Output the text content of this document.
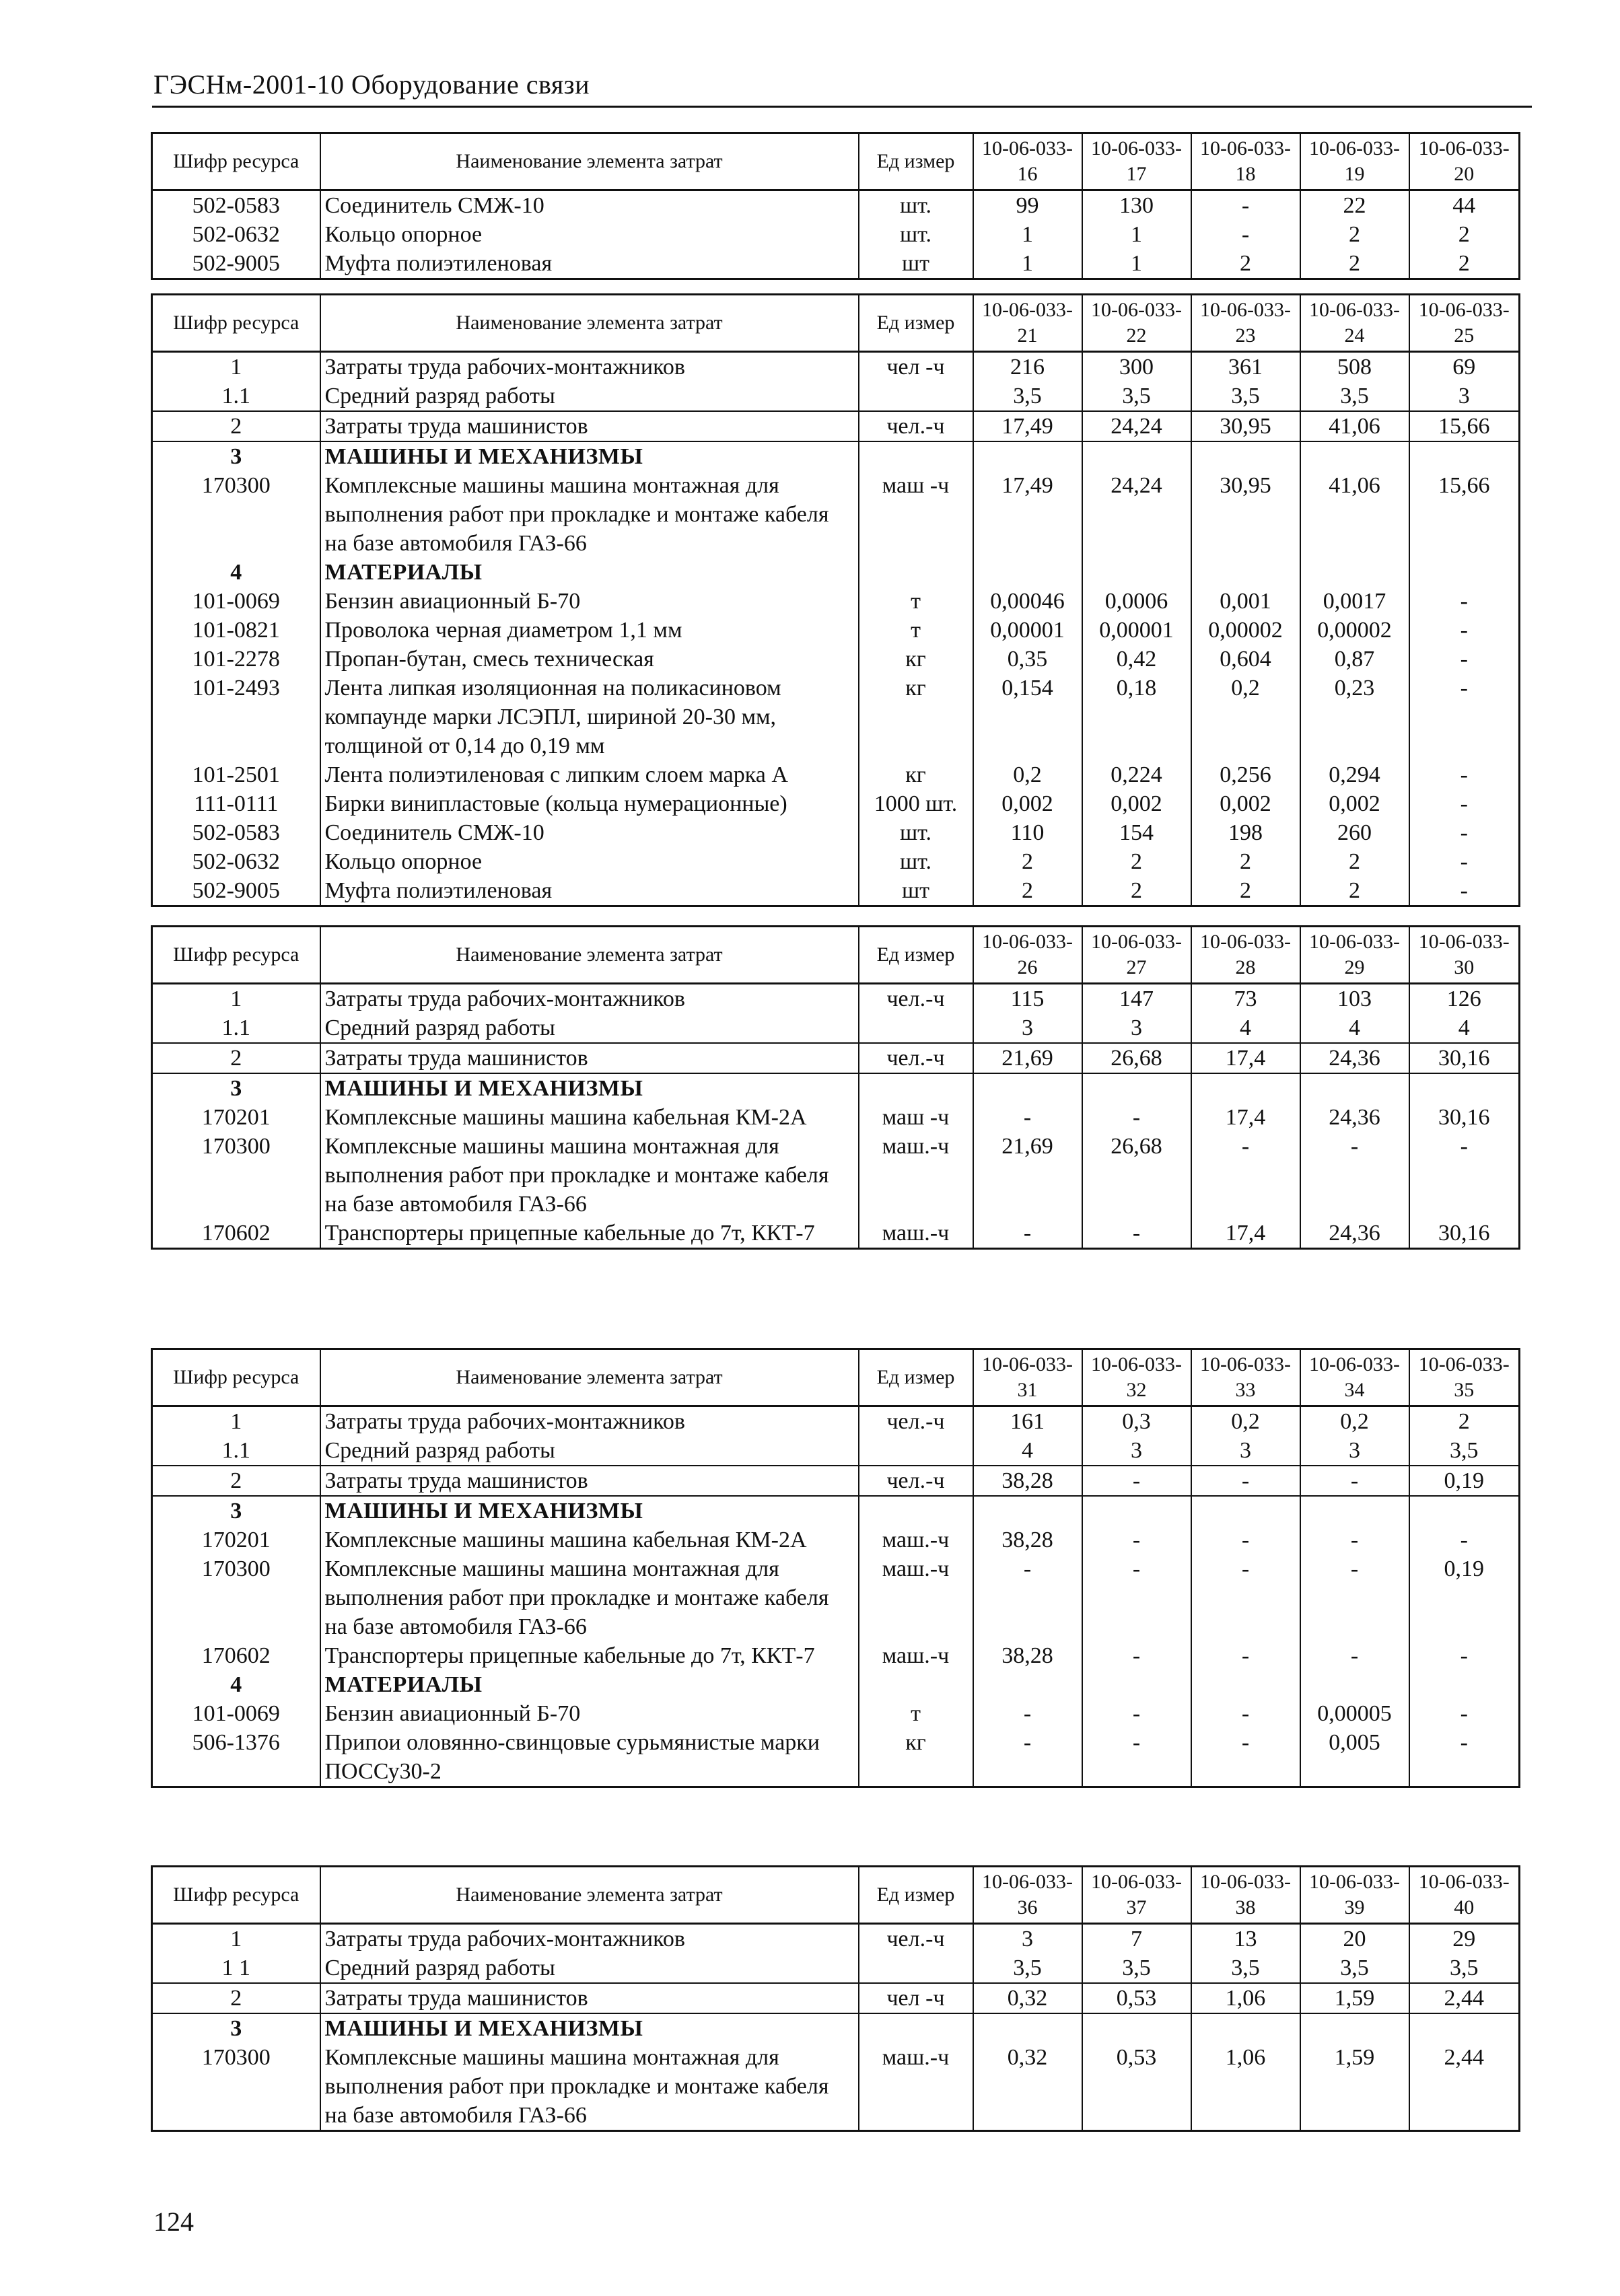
ГЭСНм-2001-10 Оборудование связи
Шифр ресурса	Наименование элемента затрат	Ед измер	10-06-033-16	10-06-033-17	10-06-033-18	10-06-033-19	10-06-033-20
502-0583	Соединитель СМЖ-10	шт.	99	130	-	22	44
502-0632	Кольцо опорное	шт.	1	1	-	2	2
502-9005	Муфта полиэтиленовая	шт	1	1	2	2	2
Шифр ресурса	Наименование элемента затрат	Ед измер	10-06-033-21	10-06-033-22	10-06-033-23	10-06-033-24	10-06-033-25
1	Затраты труда рабочих-монтажников	чел -ч	216	300	361	508	69
1.1	Средний разряд работы		3,5	3,5	3,5	3,5	3
2	Затраты труда машинистов	чел.-ч	17,49	24,24	30,95	41,06	15,66
3	МАШИНЫ И МЕХАНИЗМЫ						
170300	Комплексные машины машина монтажная для выполнения работ при прокладке и монтаже кабеля на базе автомобиля ГАЗ-66	маш -ч	17,49	24,24	30,95	41,06	15,66
4	МАТЕРИАЛЫ						
101-0069	Бензин авиационный Б-70	т	0,00046	0,0006	0,001	0,0017	-
101-0821	Проволока черная диаметром 1,1 мм	т	0,00001	0,00001	0,00002	0,00002	-
101-2278	Пропан-бутан, смесь техническая	кг	0,35	0,42	0,604	0,87	-
101-2493	Лента липкая изоляционная на поликасиновом компаунде марки ЛСЭПЛ, шириной 20-30 мм, толщиной от 0,14 до 0,19 мм	кг	0,154	0,18	0,2	0,23	-
101-2501	Лента полиэтиленовая с липким слоем марка А	кг	0,2	0,224	0,256	0,294	-
111-0111	Бирки винипластовые (кольца нумерационные)	1000 шт.	0,002	0,002	0,002	0,002	-
502-0583	Соединитель СМЖ-10	шт.	110	154	198	260	-
502-0632	Кольцо опорное	шт.	2	2	2	2	-
502-9005	Муфта полиэтиленовая	шт	2	2	2	2	-
Шифр ресурса	Наименование элемента затрат	Ед измер	10-06-033-26	10-06-033-27	10-06-033-28	10-06-033-29	10-06-033-30
1	Затраты труда рабочих-монтажников	чел.-ч	115	147	73	103	126
1.1	Средний разряд работы		3	3	4	4	4
2	Затраты труда машинистов	чел.-ч	21,69	26,68	17,4	24,36	30,16
3	МАШИНЫ И МЕХАНИЗМЫ						
170201	Комплексные машины машина кабельная КМ-2А	маш -ч	-	-	17,4	24,36	30,16
170300	Комплексные машины машина монтажная для выполнения работ при прокладке и монтаже кабеля на базе автомобиля ГАЗ-66	маш.-ч	21,69	26,68	-	-	-
170602	Транспортеры прицепные кабельные до 7т, ККТ-7	маш.-ч	-	-	17,4	24,36	30,16
Шифр ресурса	Наименование элемента затрат	Ед измер	10-06-033-31	10-06-033-32	10-06-033-33	10-06-033-34	10-06-033-35
1	Затраты труда рабочих-монтажников	чел.-ч	161	0,3	0,2	0,2	2
1.1	Средний разряд работы		4	3	3	3	3,5
2	Затраты труда машинистов	чел.-ч	38,28	-	-	-	0,19
3	МАШИНЫ И МЕХАНИЗМЫ						
170201	Комплексные машины машина кабельная КМ-2А	маш.-ч	38,28	-	-	-	-
170300	Комплексные машины машина монтажная для выполнения работ при прокладке и монтаже кабеля на базе автомобиля ГАЗ-66	маш.-ч	-	-	-	-	0,19
170602	Транспортеры прицепные кабельные до 7т, ККТ-7	маш.-ч	38,28	-	-	-	-
4	МАТЕРИАЛЫ						
101-0069	Бензин авиационный Б-70	т	-	-	-	0,00005	-
506-1376	Припои оловянно-свинцовые сурьмянистые марки ПОССу30-2	кг	-	-	-	0,005	-
Шифр ресурса	Наименование элемента затрат	Ед измер	10-06-033-36	10-06-033-37	10-06-033-38	10-06-033-39	10-06-033-40
1	Затраты труда рабочих-монтажников	чел.-ч	3	7	13	20	29
1 1	Средний разряд работы		3,5	3,5	3,5	3,5	3,5
2	Затраты труда машинистов	чел -ч	0,32	0,53	1,06	1,59	2,44
3	МАШИНЫ И МЕХАНИЗМЫ						
170300	Комплексные машины машина монтажная для выполнения работ при прокладке и монтаже кабеля на базе автомобиля ГАЗ-66	маш.-ч	0,32	0,53	1,06	1,59	2,44
124
